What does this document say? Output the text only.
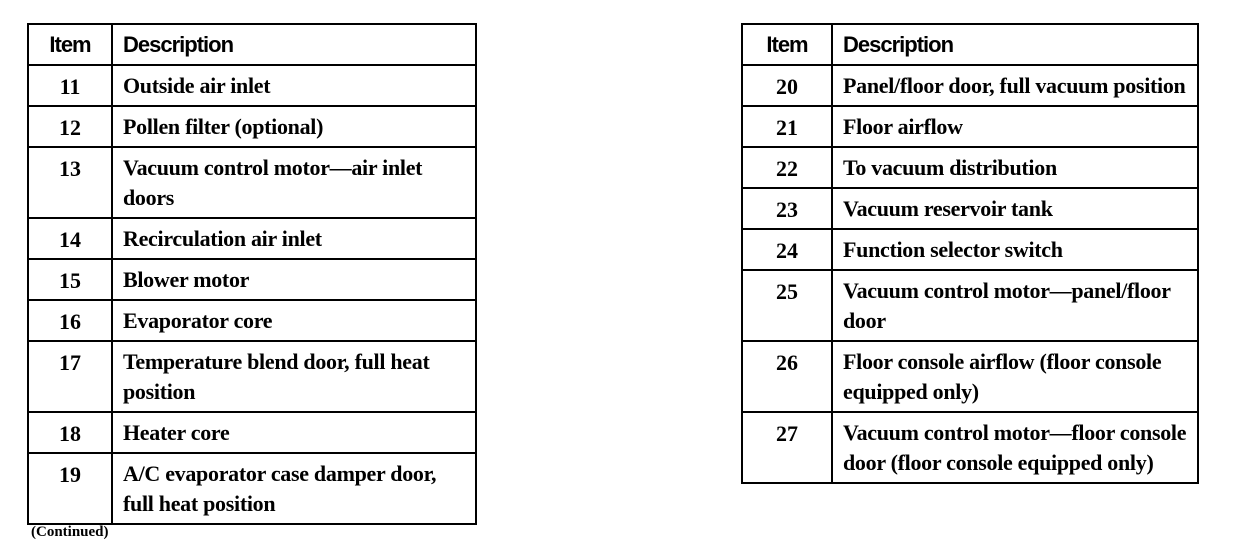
Item	Description
11	Outside air inlet
12	Pollen filter (optional)
13	Vacuum control motor—air inlet doors
14	Recirculation air inlet
15	Blower motor
16	Evaporator core
17	Temperature blend door, full heat position
18	Heater core
19	A/C evaporator case damper door, full heat position
Item	Description
20	Panel/floor door, full vacuum position
21	Floor airflow
22	To vacuum distribution
23	Vacuum reservoir tank
24	Function selector switch
25	Vacuum control motor—panel/floor door
26	Floor console airflow (floor console equipped only)
27	Vacuum control motor—floor console door (floor console equipped only)
(Continued)
